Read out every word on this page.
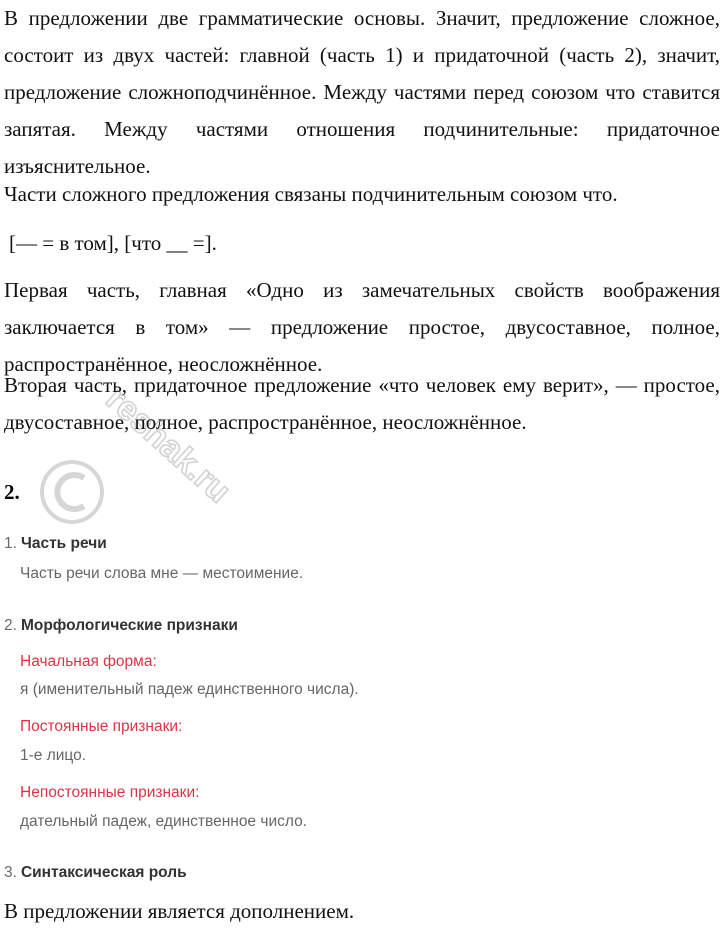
reshak.ru

В предложении две грамматические основы. Значит, предложение сложное, состоит из двух частей: главной (часть 1) и придаточной (часть 2), значит, предложение сложноподчинённое. Между частями перед союзом что ставится запятая. Между частями отношения подчинительные: придаточное изъяснительное.

Части сложного предложения связаны подчинительным союзом что.

[— = в том], [что __ =].

Первая часть, главная «Одно из замечательных свойств воображения заключается в том» — предложение простое, двусоставное, полное, распространённое, неосложнённое.

Вторая часть, придаточное предложение «что человек ему верит», — простое, двусоставное, полное, распространённое, неосложнённое.

2.
1. Часть речи
Часть речи слова мне — местоимение.
2. Морфологические признаки
Начальная форма:
я (именительный падеж единственного числа).
Постоянные признаки:
1-е лицо.
Непостоянные признаки:
дательный падеж, единственное число.
3. Синтаксическая роль

В предложении является дополнением.
